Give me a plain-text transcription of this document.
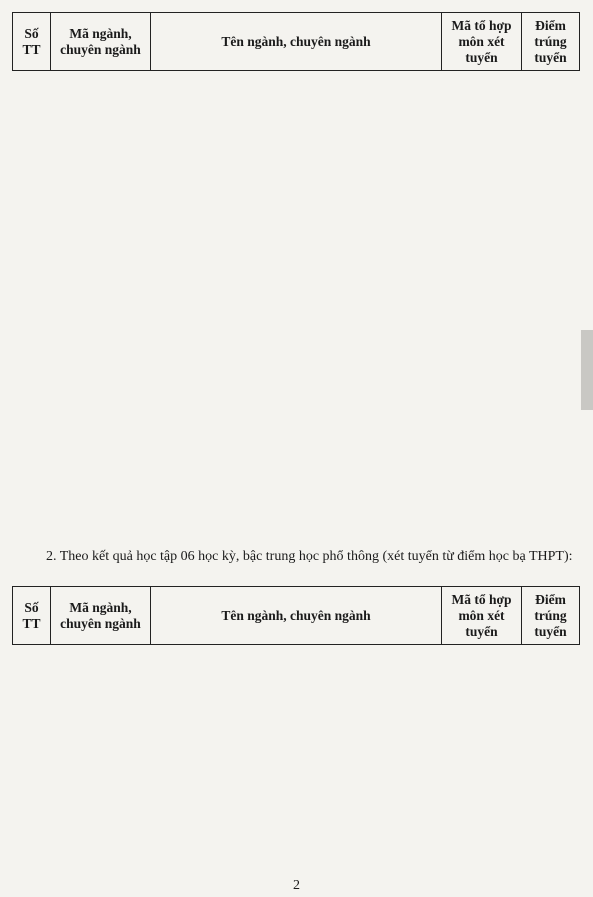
Số TT	Mã ngành, chuyên ngành	Tên ngành, chuyên ngành	Mã tổ hợp môn xét tuyển	Điểm trúng tuyển
2. Theo kết quả học tập 06 học kỳ, bậc trung học phổ thông (xét tuyển từ điểm học bạ THPT):
Số TT	Mã ngành, chuyên ngành	Tên ngành, chuyên ngành	Mã tổ hợp môn xét tuyển	Điểm trúng tuyển
2
